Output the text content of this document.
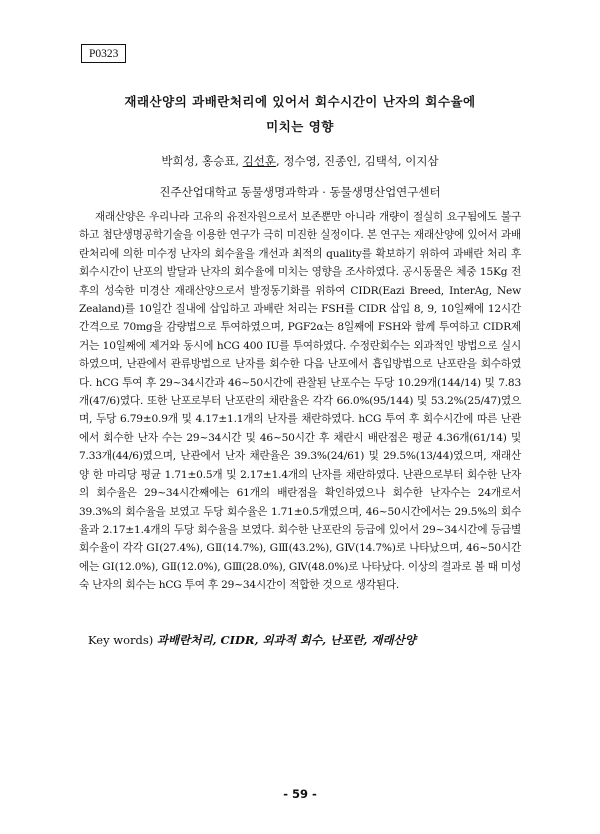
P0323
재래산양의 과배란처리에 있어서 회수시간이 난자의 회수율에
미치는 영향
박희성, 홍승표, 김선훈, 정수영, 진종인, 김택석, 이지삼
진주산업대학교 동물생명과학과 · 동물생명산업연구센터
재래산양은 우리나라 고유의 유전자원으로서 보존뿐만 아니라 개량이 절실히 요구됨에도 불구하고 첨단생명공학기술을 이용한 연구가 극히 미진한 실정이다. 본 연구는 재래산양에 있어서 과배란처리에 의한 미수정 난자의 회수율을 개선과 최적의 quality를 확보하기 위하여 과배란 처리 후 회수시간이 난포의 발달과 난자의 회수율에 미치는 영향을 조사하였다. 공시동물은 체중 15Kg 전후의 성숙한 미경산 재래산양으로서 발정동기화를 위하여 CIDR(Eazi Breed, InterAg, New Zealand)를 10일간 질내에 삽입하고 과배란 처리는 FSH를 CIDR 삽입 8, 9, 10일째에 12시간 간격으로 70mg을 감량법으로 투여하였으며, PGF2α는 8일째에 FSH와 함께 투여하고 CIDR제거는 10일째에 제거와 동시에 hCG 400 IU를 투여하였다. 수정란회수는 외과적인 방법으로 실시하였으며, 난관에서 관류방법으로 난자를 회수한 다음 난포에서 흡입방법으로 난포란을 회수하였다. hCG 투여 후 29~34시간과 46~50시간에 관찰된 난포수는 두당 10.29개(144/14) 및 7.83개(47/6)였다. 또한 난포로부터 난포란의 채란율은 각각 66.0%(95/144) 및 53.2%(25/47)였으며, 두당 6.79±0.9개 및 4.17±1.1개의 난자를 채란하였다. hCG 투여 후 회수시간에 따른 난관에서 회수한 난자 수는 29~34시간 및 46~50시간 후 채란시 배란점은 평균 4.36개(61/14) 및 7.33개(44/6)였으며, 난관에서 난자 채란율은 39.3%(24/61) 및 29.5%(13/44)였으며, 재래산양 한 마리당 평균 1.71±0.5개 및 2.17±1.4개의 난자를 채란하였다. 난관으로부터 회수한 난자의 회수율은 29~34시간째에는 61개의 배란점을 확인하였으나 회수한 난자수는 24개로서 39.3%의 회수율을 보였고 두당 회수율은 1.71±0.5개였으며, 46~50시간에서는 29.5%의 회수율과 2.17±1.4개의 두당 회수율을 보였다. 회수한 난포란의 등급에 있어서 29~34시간에 등급별 회수율이 각각 GⅠ(27.4%), GⅡ(14.7%), GⅢ(43.2%), GⅣ(14.7%)로 나타났으며, 46~50시간에는 GⅠ(12.0%), GⅡ(12.0%), GⅢ(28.0%), GⅣ(48.0%)로 나타났다. 이상의 결과로 볼 때 미성숙 난자의 회수는 hCG 투여 후 29~34시간이 적합한 것으로 생각된다.
Key words) 과배란처리, CIDR, 외과적 회수, 난포란, 재래산양
- 59 -
